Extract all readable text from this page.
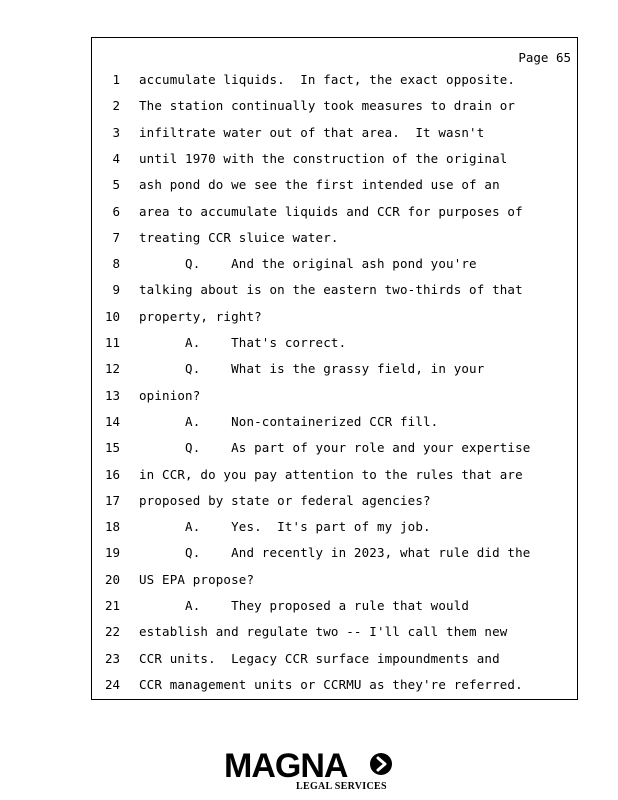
Page 65
1 accumulate liquids.  In fact, the exact opposite.
2 The station continually took measures to drain or
3 infiltrate water out of that area.  It wasn't
4 until 1970 with the construction of the original
5 ash pond do we see the first intended use of an
6 area to accumulate liquids and CCR for purposes of
7 treating CCR sluice water.
8 Q.    And the original ash pond you're
9 talking about is on the eastern two-thirds of that
10 property, right?
11 A.    That's correct.
12 Q.    What is the grassy field, in your
13 opinion?
14 A.    Non-containerized CCR fill.
15 Q.    As part of your role and your expertise
16 in CCR, do you pay attention to the rules that are
17 proposed by state or federal agencies?
18 A.    Yes.  It's part of my job.
19 Q.    And recently in 2023, what rule did the
20 US EPA propose?
21 A.    They proposed a rule that would
22 establish and regulate two -- I'll call them new
23 CCR units.  Legacy CCR surface impoundments and
24 CCR management units or CCRMU as they're referred.
MAGNA
LEGAL SERVICES
